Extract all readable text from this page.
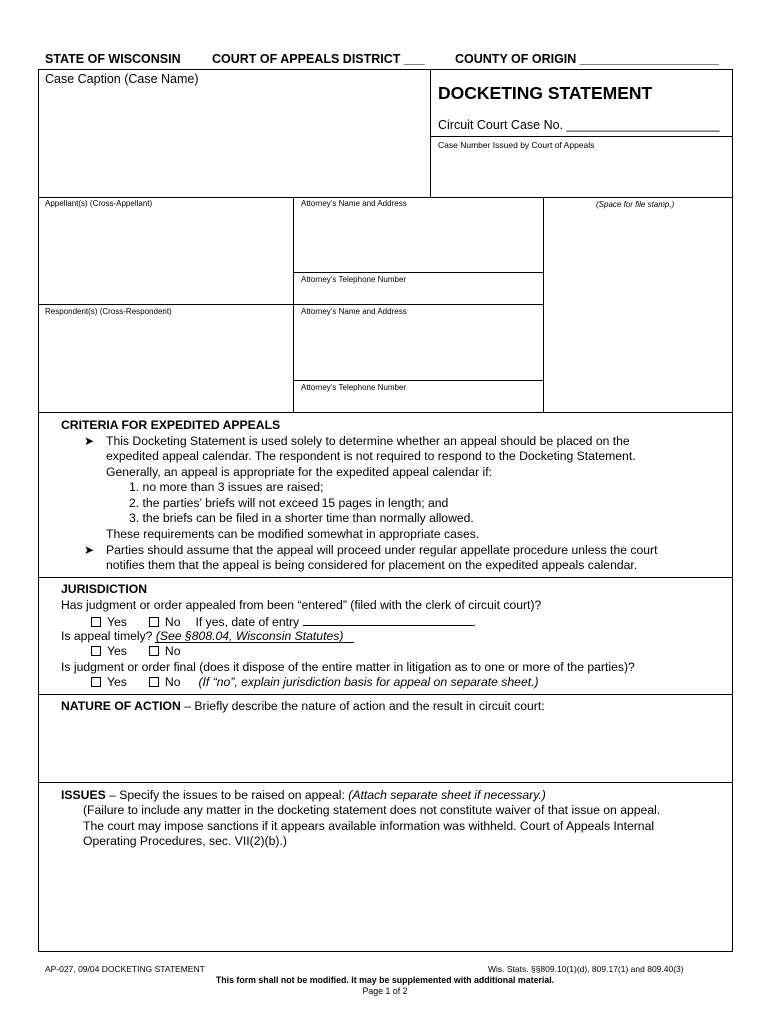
STATE OF WISCONSIN	COURT OF APPEALS DISTRICT ___ COUNTY OF ORIGIN ____________________
Case Caption (Case Name)
DOCKETING STATEMENT
Circuit Court Case No. ______________________
Case Number Issued by Court of Appeals
Appellant(s) (Cross-Appellant)	Attorney’s Name and Address	(Space for file stamp.)
Attorney’s Telephone Number
Respondent(s) (Cross-Respondent)	Attorney’s Name and Address
Attorney’s Telephone Number
CRITERIA FOR EXPEDITED APPEALS
➤ This Docketing Statement is used solely to determine whether an appeal should be placed on the
expedited appeal calendar. The respondent is not required to respond to the Docketing Statement.
Generally, an appeal is appropriate for the expedited appeal calendar if:
1. no more than 3 issues are raised;
2. the parties’ briefs will not exceed 15 pages in length; and
3. the briefs can be filed in a shorter time than normally allowed.
These requirements can be modified somewhat in appropriate cases.
➤ Parties should assume that the appeal will proceed under regular appellate procedure unless the court
notifies them that the appeal is being considered for placement on the expedited appeals calendar.
JURISDICTION
Has judgment or order appealed from been “entered” (filed with the clerk of circuit court)?
Yes	No If yes, date of entry	.
Is appeal timely? (See §808.04, Wisconsin Statutes)
Yes	No
Is judgment or order final (does it dispose of the entire matter in litigation as to one or more of the parties)?
Yes	No (If “no”, explain jurisdiction basis for appeal on separate sheet.)
NATURE OF ACTION – Briefly describe the nature of action and the result in circuit court:
ISSUES – Specify the issues to be raised on appeal: (Attach separate sheet if necessary.)
(Failure to include any matter in the docketing statement does not constitute waiver of that issue on appeal.
The court may impose sanctions if it appears available information was withheld. Court of Appeals Internal
Operating Procedures, sec. VII(2)(b).)
AP-027, 09/04 DOCKETING STATEMENT	Wis. Stats. §§809.10(1)(d), 809.17(1) and 809.40(3)
This form shall not be modified. It may be supplemented with additional material.
Page 1 of 2
